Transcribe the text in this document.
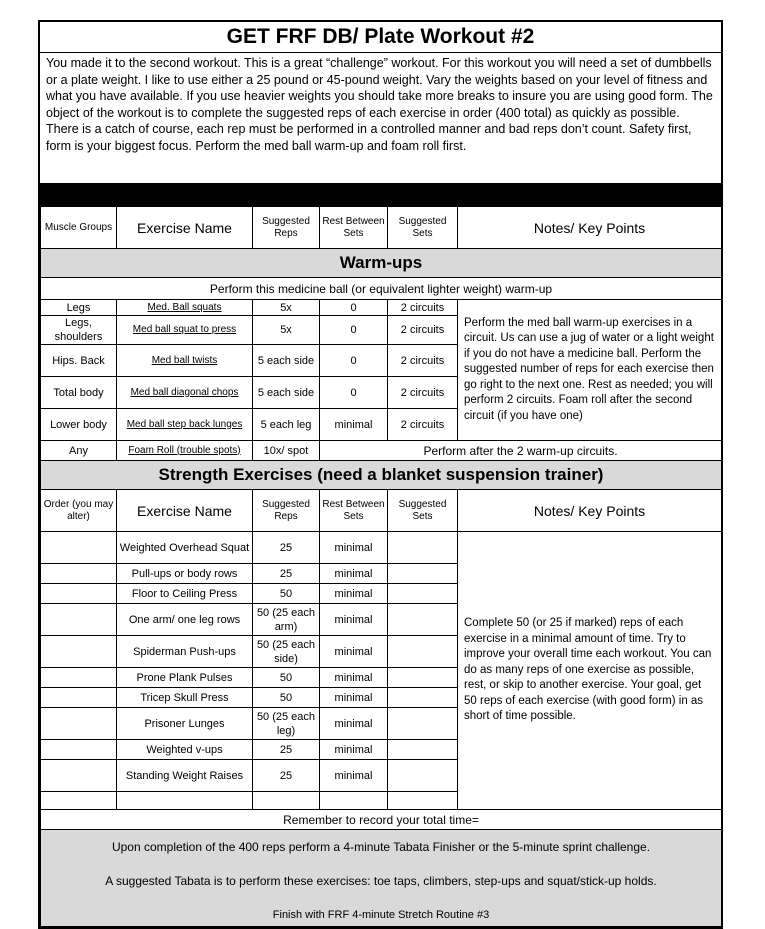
GET FRF DB/ Plate Workout #2
You made it to the second workout. This is a great “challenge” workout. For this workout you will need a set of dumbbells or a plate weight. I like to use either a 25 pound or 45-pound weight. Vary the weights based on your level of fitness and what you have available. If you use heavier weights you should take more breaks to insure you are using good form. The object of the workout is to complete the suggested reps of each exercise in order (400 total) as quickly as possible. There is a catch of course, each rep must be performed in a controlled manner and bad reps don’t count. Safety first, form is your biggest focus. Perform the med ball warm-up and foam roll first.
Muscle Groups	Exercise Name	Suggested Reps	Rest Between Sets	Suggested Sets	Notes/ Key Points
Warm-ups					
Perform this medicine ball (or equivalent lighter weight) warm-up					
Legs	Med. Ball squats	5x	0	2 circuits	Perform the med ball warm-up exercises in a circuit. Us can use a jug of water or a light weight if you do not have a medicine ball. Perform the suggested number of reps for each exercise then go right to the next one. Rest as needed; you will perform 2 circuits. Foam roll after the second circuit (if you have one)
Legs, shoulders	Med ball squat to press	5x	0	2 circuits	
Hips. Back	Med ball twists	5 each side	0	2 circuits	
Total body	Med ball diagonal chops	5 each side	0	2 circuits	
Lower body	Med ball step back lunges	5 each leg	minimal	2 circuits	
Any	Foam Roll (trouble spots)	10x/ spot	Perform after the 2 warm-up circuits.		
Strength Exercises (need a blanket suspension trainer)					
Order (you may alter)	Exercise Name	Suggested Reps	Rest Between Sets	Suggested Sets	Notes/ Key Points
	Weighted Overhead Squat	25	minimal		Complete 50 (or 25 if marked) reps of each exercise in a minimal amount of time. Try to improve your overall time each workout. You can do as many reps of one exercise as possible, rest, or skip to another exercise. Your goal, get 50 reps of each exercise (with good form) in as short of time possible.
	Pull-ups or body rows	25	minimal		
	Floor to Ceiling Press	50	minimal		
	One arm/ one leg rows	50 (25 each arm)	minimal		
	Spiderman Push-ups	50 (25 each side)	minimal		
	Prone Plank Pulses	50	minimal		
	Tricep Skull Press	50	minimal		
	Prisoner Lunges	50 (25 each leg)	minimal		
	Weighted v-ups	25	minimal		
	Standing Weight Raises	25	minimal		

Remember to record your total time=					

Upon completion of the 400 reps perform a 4-minute Tabata Finisher or the 5-minute sprint challenge.
A suggested Tabata is to perform these exercises: toe taps, climbers, step-ups and squat/stick-up holds.
Finish with FRF 4-minute Stretch Routine #3					
